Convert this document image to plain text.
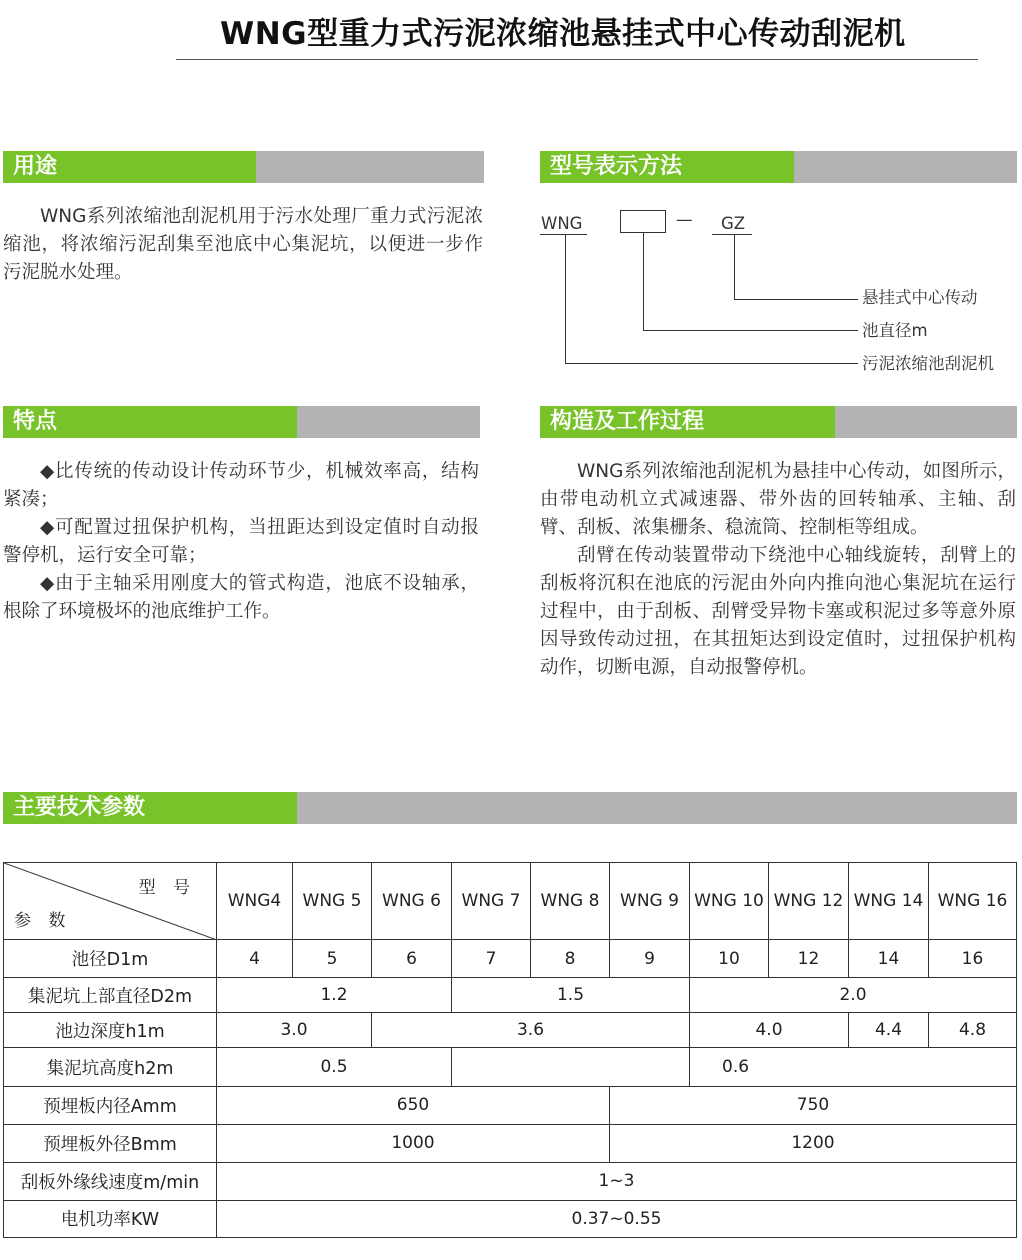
WNG型重力式污泥浓缩池悬挂式中心传动刮泥机
用途
WNG系列浓缩池刮泥机用于污水处理厂重力式污泥浓缩池，将浓缩污泥刮集至池底中心集泥坑，以便进一步作污泥脱水处理。
型号表示方法
WNG	— GZ
悬挂式中心传动
池直径m
污泥浓缩池刮泥机
特点

◆比传统的传动设计传动环节少，机械效率高，结构紧凑；

◆可配置过扭保护机构，当扭距达到设定值时自动报警停机，运行安全可靠；

◆由于主轴采用刚度大的管式构造，池底不设轴承，根除了环境极坏的池底维护工作。

构造及工作过程

WNG系列浓缩池刮泥机为悬挂中心传动，如图所示，由带电动机立式减速器、带外齿的回转轴承、主轴、刮臂、刮板、浓集栅条、稳流筒、控制柜等组成。

刮臂在传动装置带动下绕池中心轴线旋转，刮臂上的刮板将沉积在池底的污泥由外向内推向池心集泥坑在运行过程中，由于刮板、刮臂受异物卡塞或积泥过多等意外原因导致传动过扭，在其扭矩达到设定值时，过扭保护机构动作，切断电源，自动报警停机。

主要技术参数
型 号
参 数	WNG4	WNG 5	WNG 6	WNG 7	WNG 8	WNG 9	WNG 10	WNG 12	WNG 14	WNG 16
池径D1m	4	5	6	7	8	9	10	12	14	16
集泥坑上部直径D2m	1.2			1.5			2.0			
池边深度h1m	3.0		3.6				4.0		4.4	4.8
集泥坑高度h2m	0.5						0.6			
预埋板内径Amm	650					750				
预埋板外径Bmm	1000					1200				
刮板外缘线速度m/min	1~3									
电机功率KW	0.37~0.55									
